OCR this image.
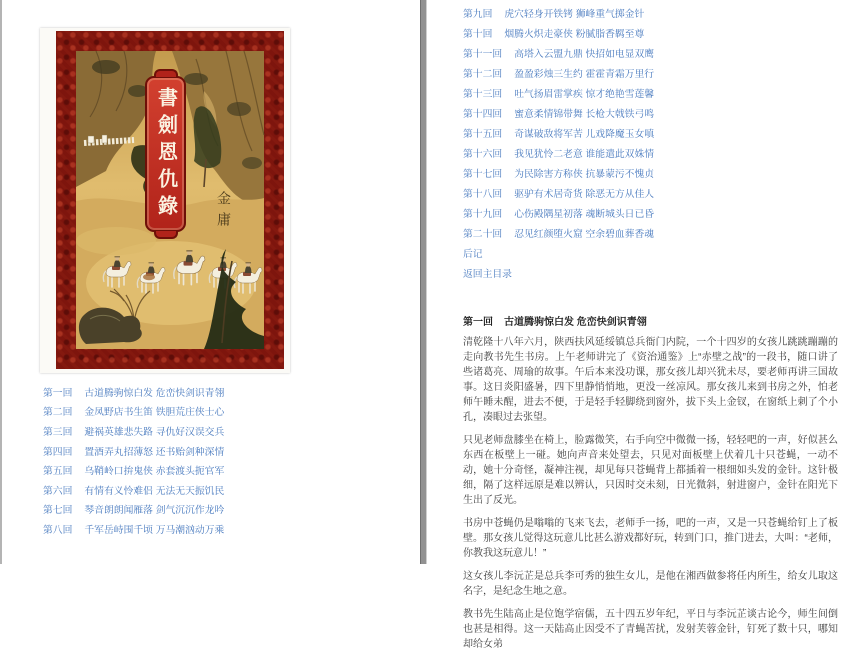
書劍恩仇錄	金庸
第一回 古道腾驹惊白发 危峦快剑识青翎
第二回 金凤野店书生笛 铁胆荒庄侠士心
第三回 避祸英雄悲失路 寻仇好汉误交兵
第四回 置酒弄丸招薄怒 还书贻剑种深情
第五回 乌鞘岭口拚鬼侠 赤套渡头扼官军
第六回 有情有义怜难侣 无法无天振饥民
第七回 琴音朗朗闻雁落 剑气沉沉作龙吟
第八回 千军岳峙围千顷 万马潮汹动万乘
第九回 虎穴轻身开铁铐 狮峰重气掷金针
第十回 烟腾火炽走豪侠 粉腻脂香羁至尊
第十一回 高塔入云盟九鼎 快招如电显双鹰
第十二回 盈盈彩烛三生约 霍霍青霜万里行
第十三回 吐气扬眉雷掌疾 惊才绝艳雪莲馨
第十四回 蜜意柔情锦带舞 长枪大戟铁弓鸣
第十五回 奇谋破敌将军苦 儿戏降魔玉女嗔
第十六回 我见犹怜二老意 谁能遣此双姝情
第十七回 为民除害方称侠 抗暴蒙污不愧贞
第十八回 驱驴有术居奇货 除恶无方从佳人
第十九回 心伤殿隅星初落 魂断城头日已昏
第二十回 忍见红颜堕火窟 空余碧血葬香魂
后记
返回主目录
第一回 古道腾驹惊白发 危峦快剑识青翎

清乾隆十八年六月，陕西扶风延绥镇总兵衙门内院，一个十四岁的女孩儿跳跳蹦蹦的走向教书先生书房。上午老师讲完了《资治通鉴》上“赤壁之战”的一段书，随口讲了些诸葛亮、周瑜的故事。午后本来没功课，那女孩儿却兴犹未尽，要老师再讲三国故事。这日炎阳盛暑，四下里静悄悄地，更没一丝凉风。那女孩儿来到书房之外，怕老师午睡未醒，进去不便，于是轻手轻脚绕到窗外，拔下头上金钗，在窗纸上刺了个小孔，凑眼过去张望。

只见老师盘膝坐在椅上，脸露微笑，右手向空中微微一扬，轻轻吧的一声，好似甚么东西在板壁上一碰。她向声音来处望去，只见对面板壁上伏着几十只苍蝇，一动不动，她十分奇怪，凝神注视，却见每只苍蝇背上都插着一根细如头发的金针。这针极细，隔了这样远原是难以辨认，只因时交未刻，日光微斜，射进窗户，金针在阳光下生出了反光。

书房中苍蝇仍是嗡嗡的飞来飞去，老师手一扬，吧的一声，又是一只苍蝇给钉上了板壁。那女孩儿觉得这玩意儿比甚么游戏都好玩，转到门口，推门进去，大叫：“老师，你教我这玩意儿！”

这女孩儿李沅芷是总兵李可秀的独生女儿，是他在湘西做参将任内所生，给女儿取这名字，是纪念生地之意。

教书先生陆高止是位饱学宿儒，五十四五岁年纪，平日与李沅芷谈古论今，师生间倒也甚是相得。这一天陆高止因受不了青蝇苦扰，发射芙蓉金针，钉死了数十只，哪知却给女弟
